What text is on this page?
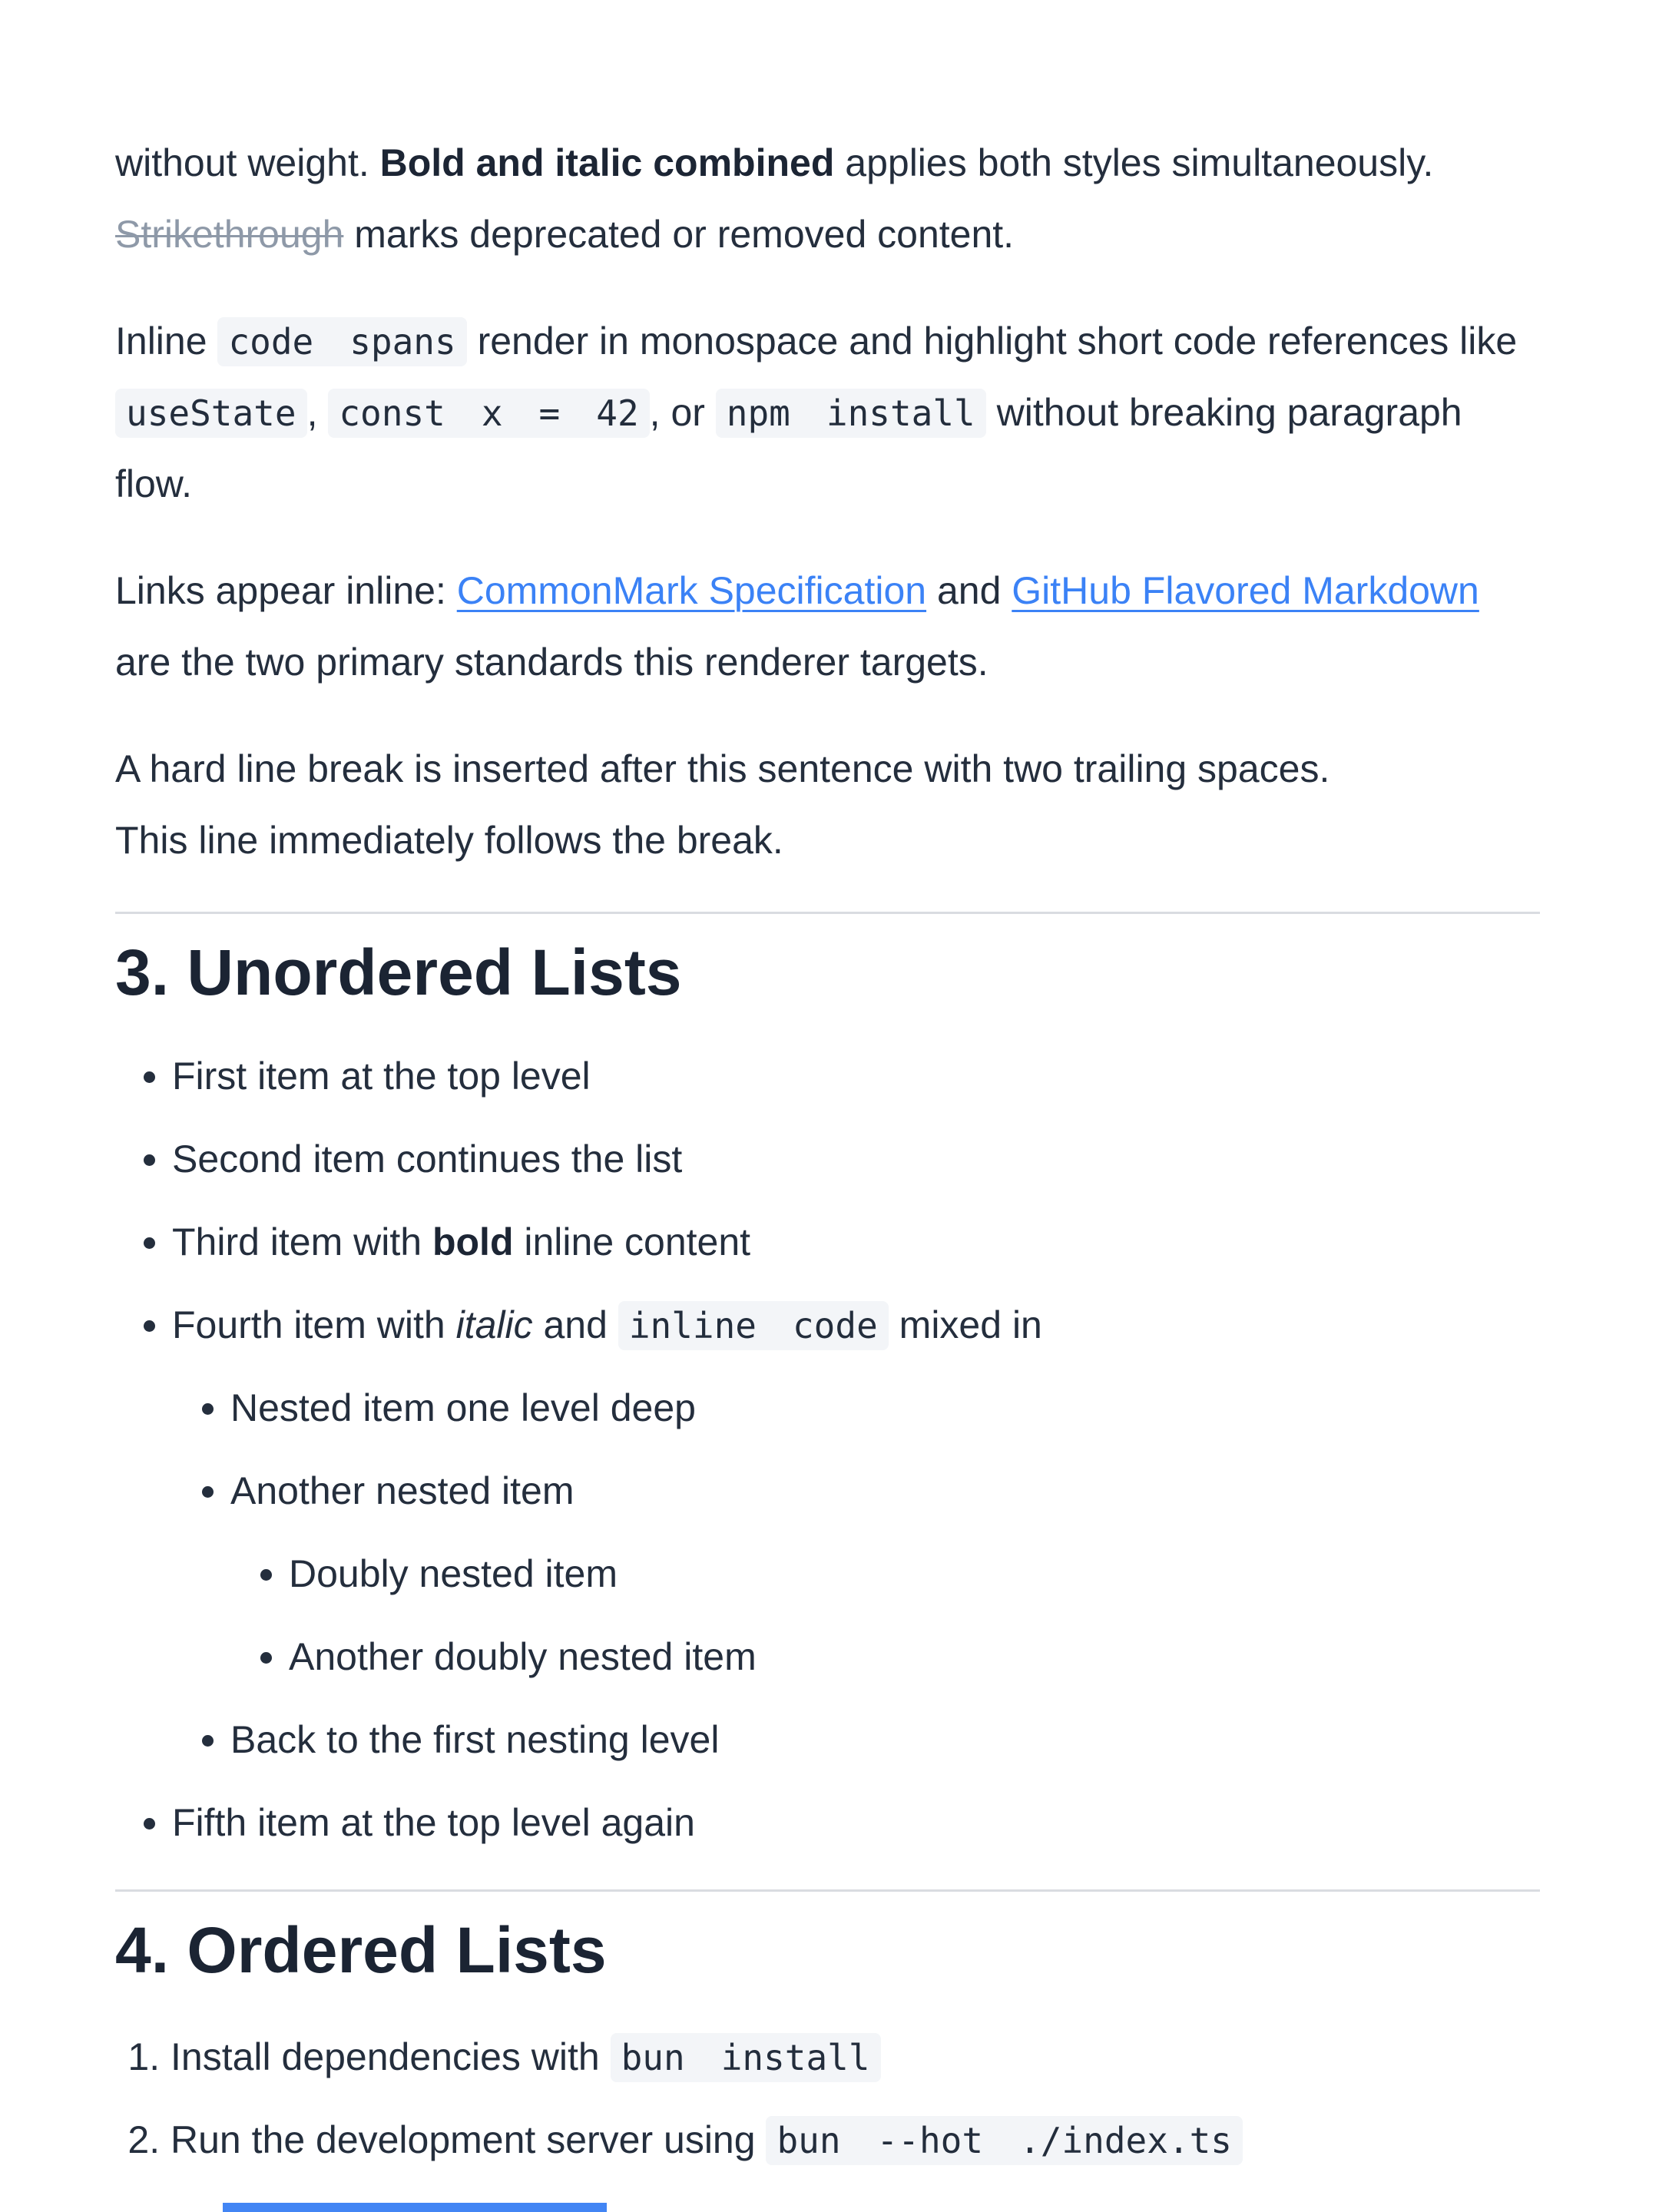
without weight. Bold and italic combined applies both styles simultaneously. Strikethrough marks deprecated or removed content.

Inline code spans render in monospace and highlight short code references like useState , const x = 42 , or npm install without breaking paragraph flow.

Links appear inline: CommonMark Specification and GitHub Flavored Markdown are the two primary standards this renderer targets.

A hard line break is inserted after this sentence with two trailing spaces.
This line immediately follows the break.

3. Unordered Lists
• First item at the top level
• Second item continues the list
• Third item with bold inline content
• Fourth item with italic and inline code mixed in
• Nested item one level deep
• Another nested item
• Doubly nested item
• Another doubly nested item
• Back to the first nesting level
• Fifth item at the top level again
4. Ordered Lists
1. Install dependencies with bun install
2. Run the development server using bun --hot ./index.ts
